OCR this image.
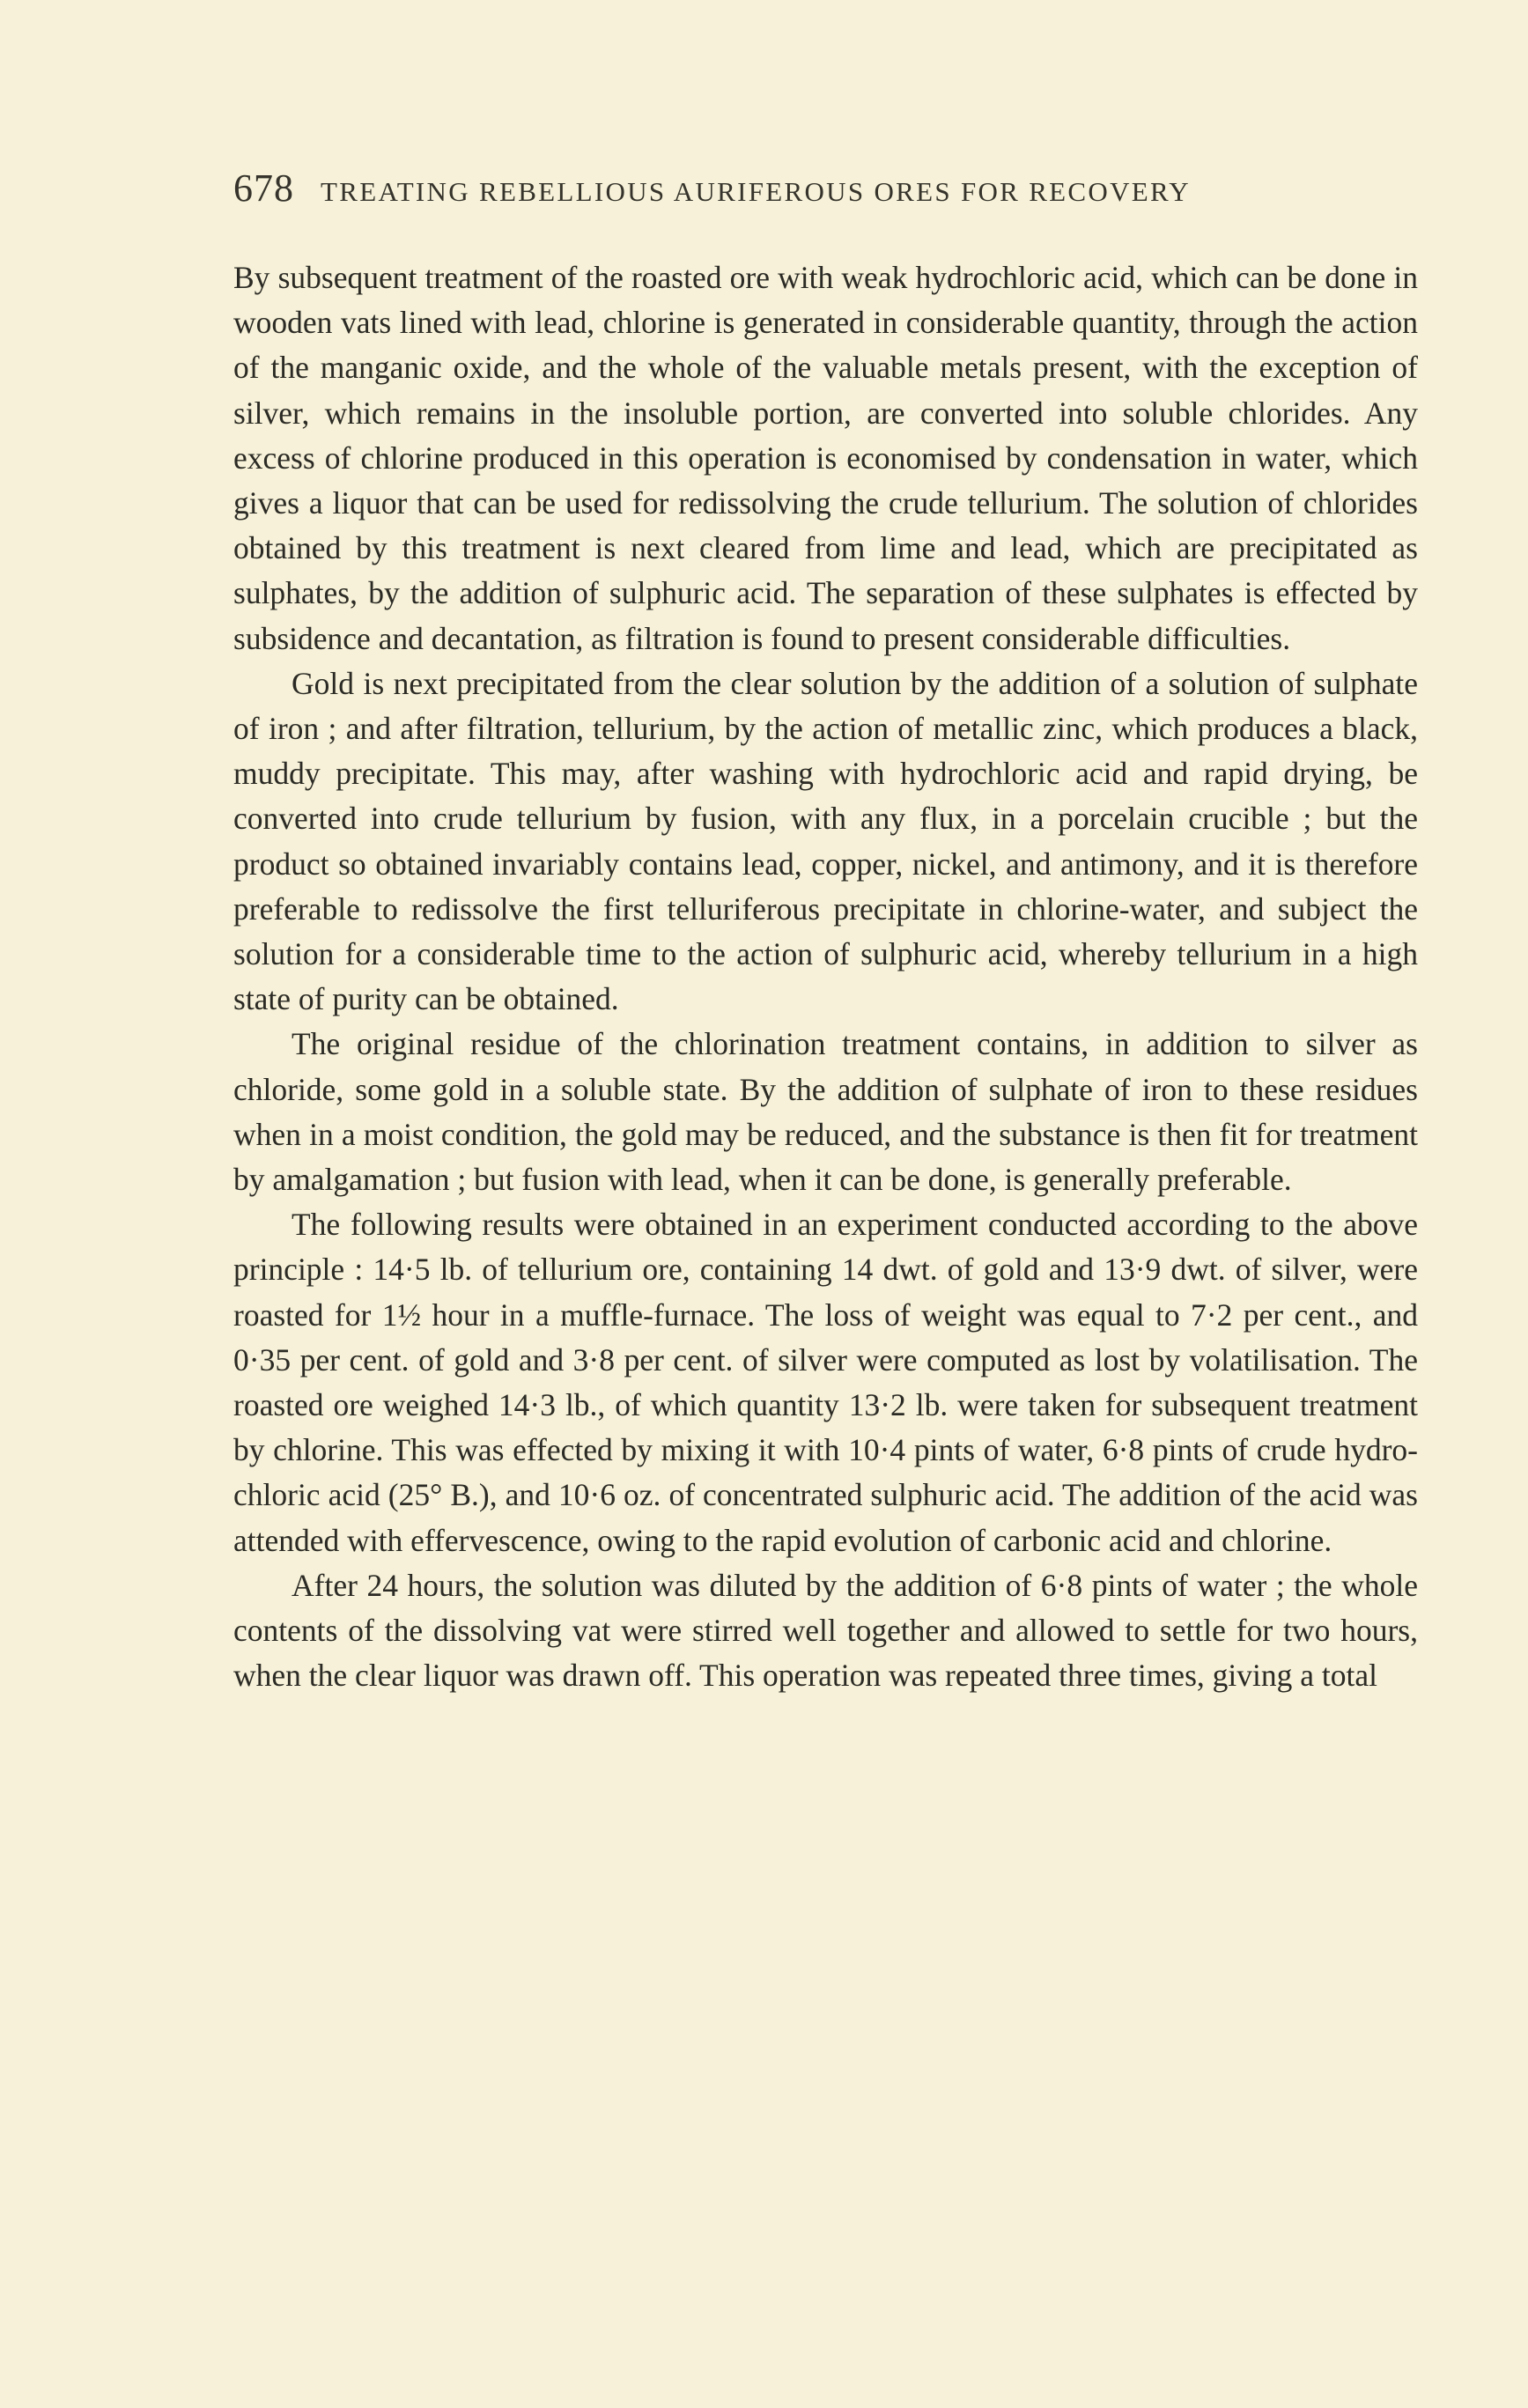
678 TREATING REBELLIOUS AURIFEROUS ORES FOR RECOVERY

By subsequent treatment of the roasted ore with weak hydrochloric acid, which can be done in wooden vats lined with lead, chlorine is generated in considerable quantity, through the action of the manganic oxide, and the whole of the valuable metals present, with the exception of silver, which remains in the insoluble portion, are converted into soluble chlorides. Any excess of chlorine produced in this operation is economised by condensation in water, which gives a liquor that can be used for redissolving the crude tellurium. The solution of chlorides obtained by this treatment is next cleared from lime and lead, which are precipitated as sulphates, by the addition of sulphuric acid. The separation of these sulphates is effected by subsidence and decantation, as filtration is found to present considerable difficulties.

Gold is next precipitated from the clear solution by the addition of a solution of sulphate of iron ; and after filtration, tellurium, by the action of metallic zinc, which produces a black, muddy precipitate. This may, after washing with hydrochloric acid and rapid drying, be converted into crude tellurium by fusion, with any flux, in a porcelain crucible ; but the product so obtained invariably contains lead, copper, nickel, and antimony, and it is therefore preferable to redissolve the first telluriferous precipitate in chlorine-water, and subject the solution for a considerable time to the action of sulphuric acid, whereby tellurium in a high state of purity can be obtained.

The original residue of the chlorination treatment contains, in addition to silver as chloride, some gold in a soluble state. By the addition of sulphate of iron to these residues when in a moist condition, the gold may be reduced, and the substance is then fit for treatment by amalgamation ; but fusion with lead, when it can be done, is generally preferable.

The following results were obtained in an experiment conducted according to the above principle : 14·5 lb. of tellurium ore, containing 14 dwt. of gold and 13·9 dwt. of silver, were roasted for 1½ hour in a muffle-furnace. The loss of weight was equal to 7·2 per cent., and 0·35 per cent. of gold and 3·8 per cent. of silver were computed as lost by volatilisation. The roasted ore weighed 14·3 lb., of which quantity 13·2 lb. were taken for subsequent treatment by chlorine. This was effected by mixing it with 10·4 pints of water, 6·8 pints of crude hydrochloric acid (25° B.), and 10·6 oz. of concentrated sulphuric acid. The addition of the acid was attended with effervescence, owing to the rapid evolution of carbonic acid and chlorine.

After 24 hours, the solution was diluted by the addition of 6·8 pints of water ; the whole contents of the dissolving vat were stirred well together and allowed to settle for two hours, when the clear liquor was drawn off. This operation was repeated three times, giving a total
